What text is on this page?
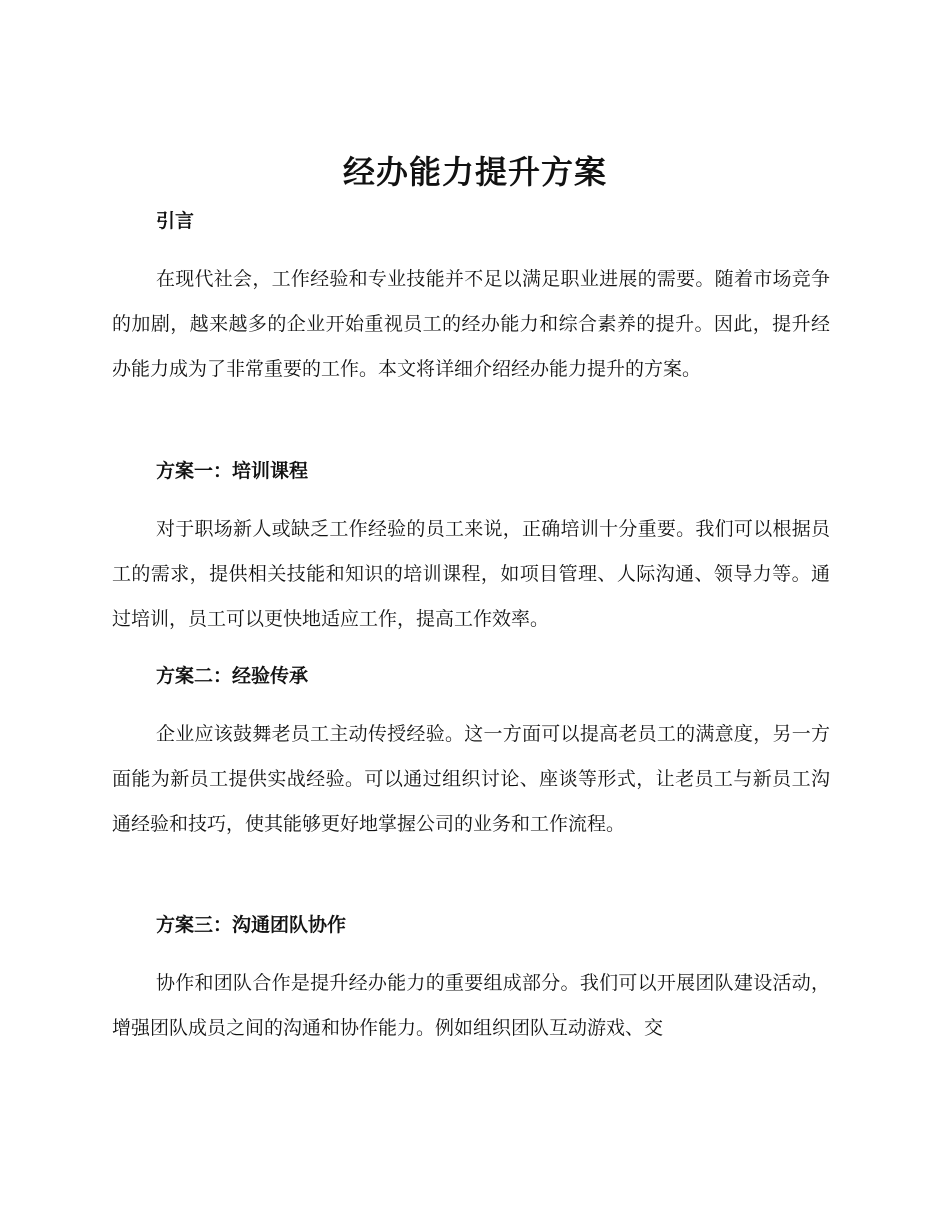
经办能力提升方案
引言
在现代社会，工作经验和专业技能并不足以满足职业进展的需要。随着市场竞争的加剧，越来越多的企业开始重视员工的经办能力和综合素养的提升。因此，提升经办能力成为了非常重要的工作。本文将详细介绍经办能力提升的方案。
方案一：培训课程
对于职场新人或缺乏工作经验的员工来说，正确培训十分重要。我们可以根据员工的需求，提供相关技能和知识的培训课程，如项目管理、人际沟通、领导力等。通过培训，员工可以更快地适应工作，提高工作效率。
方案二：经验传承
企业应该鼓舞老员工主动传授经验。这一方面可以提高老员工的满意度，另一方面能为新员工提供实战经验。可以通过组织讨论、座谈等形式，让老员工与新员工沟通经验和技巧，使其能够更好地掌握公司的业务和工作流程。
方案三：沟通团队协作
协作和团队合作是提升经办能力的重要组成部分。我们可以开展团队建设活动，增强团队成员之间的沟通和协作能力。例如组织团队互动游戏、交
